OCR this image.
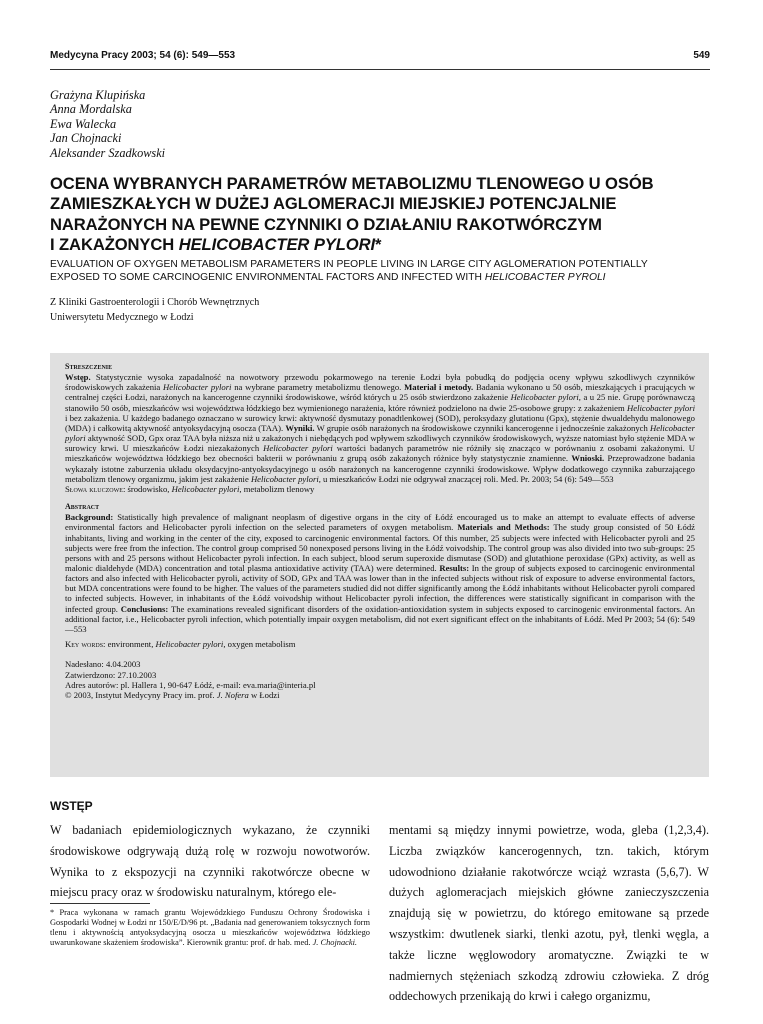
Medycyna Pracy 2003; 54 (6): 549—553	549
Grażyna Klupińska
Anna Mordalska
Ewa Walecka
Jan Chojnacki
Aleksander Szadkowski
OCENA WYBRANYCH PARAMETRÓW METABOLIZMU TLENOWEGO U OSÓB
ZAMIESZKAŁYCH W DUŻEJ AGLOMERACJI MIEJSKIEJ POTENCJALNIE
NARAŻONYCH NA PEWNE CZYNNIKI O DZIAŁANIU RAKOTWÓRCZYM
I ZAKAŻONYCH HELICOBACTER PYLORI*
EVALUATION OF OXYGEN METABOLISM PARAMETERS IN PEOPLE LIVING IN LARGE CITY AGLOMERATION POTENTIALLY
EXPOSED TO SOME CARCINOGENIC ENVIRONMENTAL FACTORS AND INFECTED WITH HELICOBACTER PYROLI
Z Kliniki Gastroenterologii i Chorób Wewnętrznych
Uniwersytetu Medycznego w Łodzi
Streszczenie

Wstęp. Statystycznie wysoka zapadalność na nowotwory przewodu pokarmowego na terenie Łodzi była pobudką do podjęcia oceny wpływu szkodliwych czynników środowiskowych zakażenia Helicobacter pylori na wybrane parametry metabolizmu tlenowego. Materiał i metody. Badania wykonano u 50 osób, mieszkających i pracujących w centralnej części Łodzi, narażonych na kancerogenne czynniki środowiskowe, wśród których u 25 osób stwierdzono zakażenie Helicobacter pylori, a u 25 nie. Grupę porównawczą stanowiło 50 osób, mieszkańców wsi województwa łódzkiego bez wymienionego narażenia, które również podzielono na dwie 25-osobowe grupy: z zakażeniem Helicobacter pylori i bez zakażenia. U każdego badanego oznaczano w surowicy krwi: aktywność dysmutazy ponadtlenkowej (SOD), peroksydazy glutationu (Gpx), stężenie dwualdehydu malonowego (MDA) i całkowitą aktywność antyoksydacyjną osocza (TAA). Wyniki. W grupie osób narażonych na środowiskowe czynniki kancerogenne i jednocześnie zakażonych Helicobacter pylori aktywność SOD, Gpx oraz TAA była niższa niż u zakażonych i niebędących pod wpływem szkodliwych czynników środowiskowych, wyższe natomiast było stężenie MDA w surowicy krwi. U mieszkańców Łodzi niezakażonych Helicobacter pylori wartości badanych parametrów nie różniły się znacząco w porównaniu z osobami zakażonymi. U mieszkańców województwa łódzkiego bez obecności bakterii w porównaniu z grupą osób zakażonych różnice były statystycznie znamienne. Wnioski. Przeprowadzone badania wykazały istotne zaburzenia układu oksydacyjno-antyoksydacyjnego u osób narażonych na kancerogenne czynniki środowiskowe. Wpływ dodatkowego czynnika zaburzającego metabolizm tlenowy organizmu, jakim jest zakażenie Helicobacter pylori, u mieszkańców Łodzi nie odgrywał znaczącej roli. Med. Pr. 2003; 54 (6): 549—553

Słowa kluczowe: środowisko, Helicobacter pylori, metabolizm tlenowy

Abstract

Background: Statistically high prevalence of malignant neoplasm of digestive organs in the city of Łódź encouraged us to make an attempt to evaluate effects of adverse environmental factors and Helicobacter pyroli infection on the selected parameters of oxygen metabolism. Materials and Methods: The study group consisted of 50 Łódź inhabitants, living and working in the center of the city, exposed to carcinogenic environmental factors. Of this number, 25 subjects were infected with Helicobacter pyroli and 25 subjects were free from the infection. The control group comprised 50 nonexposed persons living in the Łódź voivodship. The control group was also divided into two sub-groups: 25 persons with and 25 persons without Helicobacter pyroli infection. In each subject, blood serum superoxide dismutase (SOD) and glutathione peroxidase (GPx) activity, as well as malonic dialdehyde (MDA) concentration and total plasma antioxidative activity (TAA) were determined. Results: In the group of subjects exposed to carcinogenic environmental factors and also infected with Helicobacter pyroli, activity of SOD, GPx and TAA was lower than in the infected subjects without risk of exposure to adverse environmental factors, but MDA concentrations were found to be higher. The values of the parameters studied did not differ significantly among the Łódź inhabitants without Helicobacter pyroli compared to infected subjects. However, in inhabitants of the Łódź voivodship without Helicobacter pyroli infection, the differences were statistically significant in comparison with the infected group. Conclusions: The examinations revealed significant disorders of the oxidation-antioxidation system in subjects exposed to carcinogenic environmental factors. An additional factor, i.e., Helicobacter pyroli infection, which potentially impair oxygen metabolism, did not exert significant effect on the inhabitants of Łódź. Med Pr 2003; 54 (6): 549—553

Key words: environment, Helicobacter pylori, oxygen metabolism

Nadesłano: 4.04.2003
Zatwierdzono: 27.10.2003
Adres autorów: pl. Hallera 1, 90-647 Łódź, e-mail: eva.maria@interia.pl
© 2003, Instytut Medycyny Pracy im. prof. J. Nofera w Łodzi
WSTĘP
W badaniach epidemiologicznych wykazano, że czynniki środowiskowe odgrywają dużą rolę w rozwoju nowotworów. Wynika to z ekspozycji na czynniki rakotwórcze obecne w miejscu pracy oraz w środowisku naturalnym, którego ele-
mentami są między innymi powietrze, woda, gleba (1,2,3,4). Liczba związków kancerogennych, tzn. takich, którym udowodniono działanie rakotwórcze wciąż wzrasta (5,6,7). W dużych aglomeracjach miejskich główne zanieczyszczenia znajdują się w powietrzu, do którego emitowane są przede wszystkim: dwutlenek siarki, tlenki azotu, pył, tlenki węgla, a także liczne węglowodory aromatyczne. Związki te w nadmiernych stężeniach szkodzą zdrowiu człowieka. Z dróg oddechowych przenikają do krwi i całego organizmu,
* Praca wykonana w ramach grantu Wojewódzkiego Funduszu Ochrony Środowiska i Gospodarki Wodnej w Łodzi nr 150/E/D/96 pt. „Badania nad generowaniem toksycznych form tlenu i aktywnością antyoksydacyjną osocza u mieszkańców województwa łódzkiego uwarunkowane skażeniem środowiska”. Kierownik grantu: prof. dr hab. med. J. Chojnacki.
